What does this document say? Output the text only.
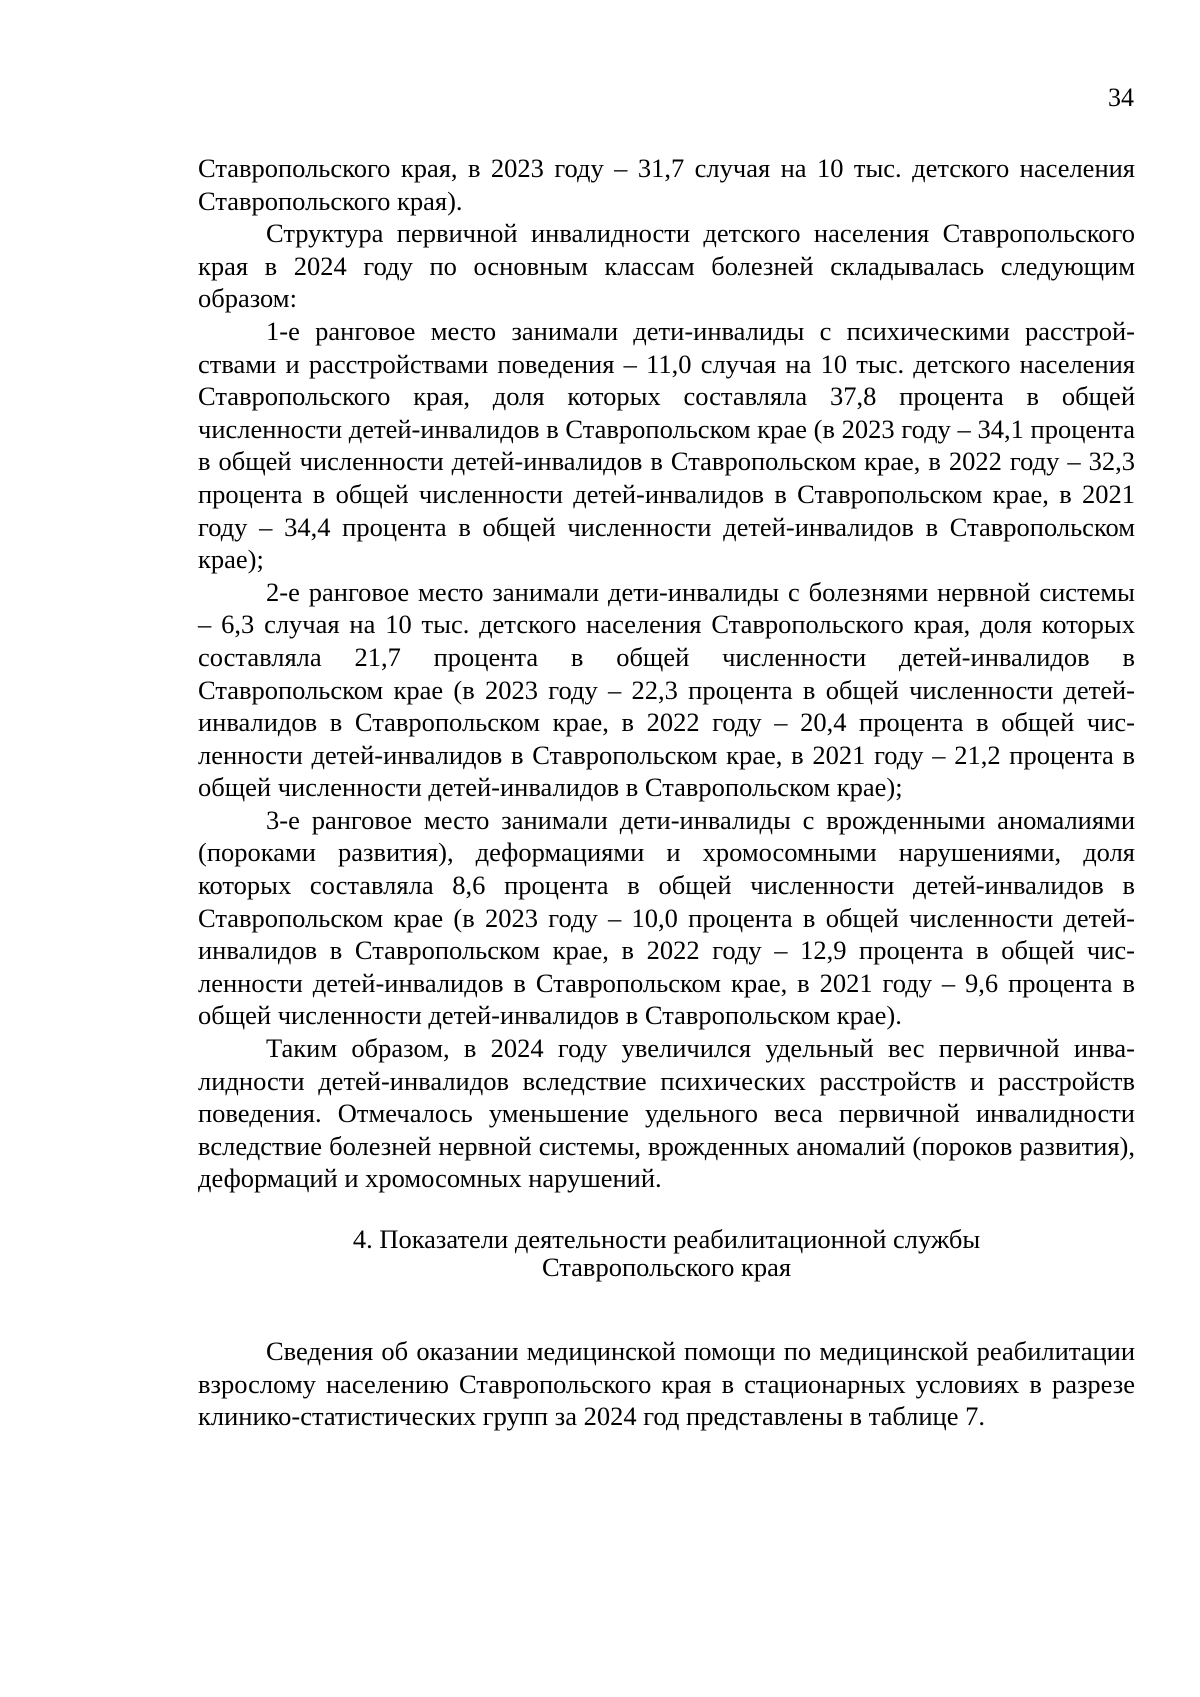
34

Ставропольского края, в 2023 году – 31,7 случая на 10 тыс. детского населения Ставропольского края).

Структура первичной инвалидности детского населения Ставропольского края в 2024 году по основным классам болезней складывалась следующим образом:

1-е ранговое место занимали дети-инвалиды с психическими расстройствами и расстройствами поведения – 11,0 случая на 10 тыс. детского населения Ставропольского края, доля которых составляла 37,8 процента в общей численности детей-инвалидов в Ставропольском крае (в 2023 году – 34,1 процента в общей численности детей-инвалидов в Ставропольском крае, в 2022 году – 32,3 процента в общей численности детей-инвалидов в Ставропольском крае, в 2021 году – 34,4 процента в общей численности детей-инвалидов в Ставропольском крае);

2-е ранговое место занимали дети-инвалиды с болезнями нервной системы – 6,3 случая на 10 тыс. детского населения Ставропольского края, доля которых составляла 21,7 процента в общей численности детей-инвалидов в Ставропольском крае (в 2023 году – 22,3 процента в общей численности детей-инвалидов в Ставропольском крае, в 2022 году – 20,4 процента в общей численности детей-инвалидов в Ставропольском крае, в 2021 году – 21,2 процента в общей численности детей-инвалидов в Ставропольском крае);

3-е ранговое место занимали дети-инвалиды с врожденными аномалиями (пороками развития), деформациями и хромосомными нарушениями, доля которых составляла 8,6 процента в общей численности детей-инвалидов в Ставропольском крае (в 2023 году – 10,0 процента в общей численности детей-инвалидов в Ставропольском крае, в 2022 году – 12,9 процента в общей численности детей-инвалидов в Ставропольском крае, в 2021 году – 9,6 процента в общей численности детей-инвалидов в Ставропольском крае).

Таким образом, в 2024 году увеличился удельный вес первичной инвалидности детей-инвалидов вследствие психических расстройств и расстройств поведения. Отмечалось уменьшение удельного веса первичной инвалидности вследствие болезней нервной системы, врожденных аномалий (пороков развития), деформаций и хромосомных нарушений.

4. Показатели деятельности реабилитационной службы
Ставропольского края

Сведения об оказании медицинской помощи по медицинской реабилитации взрослому населению Ставропольского края в стационарных условиях в разрезе клинико-статистических групп за 2024 год представлены в таблице 7.
